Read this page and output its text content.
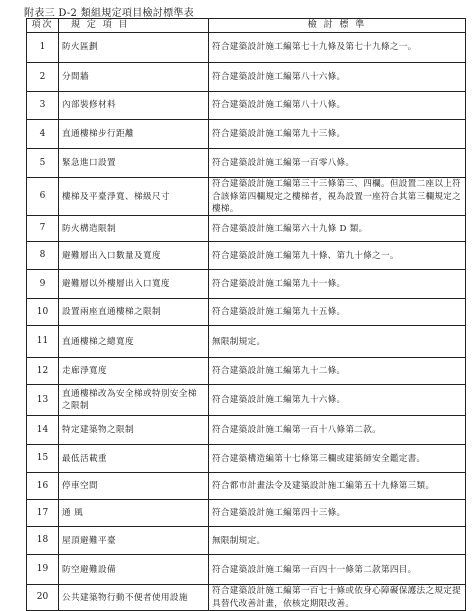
附表三 D-2 類組規定項目檢討標準表
項次	規 定 項 目	檢 討 標 準
1	防火區劃	符合建築設計施工編第七十九條及第七十九條之一。
2	分間牆	符合建築設計施工編第八十六條。
3	內部裝修材料	符合建築設計施工編第八十八條。
4	直通樓梯步行距離	符合建築設計施工編第九十三條。
5	緊急進口設置	符合建築設計施工編第一百零八條。
6	樓梯及平臺淨寬、梯級尺寸	符合建築設計施工編第三十三條第三、四欄。但設置二座以上符合該條第四欄規定之樓梯者，視為設置一座符合其第三欄規定之樓梯。
7	防火構造限制	符合建築設計施工編第六十九條 D 類。
8	避難層出入口數量及寬度	符合建築設計施工編第九十條、第九十條之一。
9	避難層以外樓層出入口寬度	符合建築設計施工編第九十一條。
10	設置兩座直通樓梯之限制	符合建築設計施工編第九十五條。
11	直通樓梯之總寬度	無限制規定。
12	走廊淨寬度	符合建築設計施工編第九十二條。
13	直通樓梯改為安全梯或特別安全梯之限制	符合建築設計施工編第九十六條。
14	特定建築物之限制	符合建築設計施工編第一百十八條第二款。
15	最低活載重	符合建築構造編第十七條第三欄或建築師安全鑑定書。
16	停車空間	符合都市計畫法令及建築設計施工編第五十九條第三類。
17	通 風	符合建築設計施工編第四十三條。
18	屋頂避難平臺	無限制規定。
19	防空避難設備	符合建築設計施工編第一百四十一條第二款第四目。
20	公共建築物行動不便者使用設施	符合建築設計施工編第一百七十條或依身心障礙保護法之規定提具替代改善計畫，依核定期限改善。
